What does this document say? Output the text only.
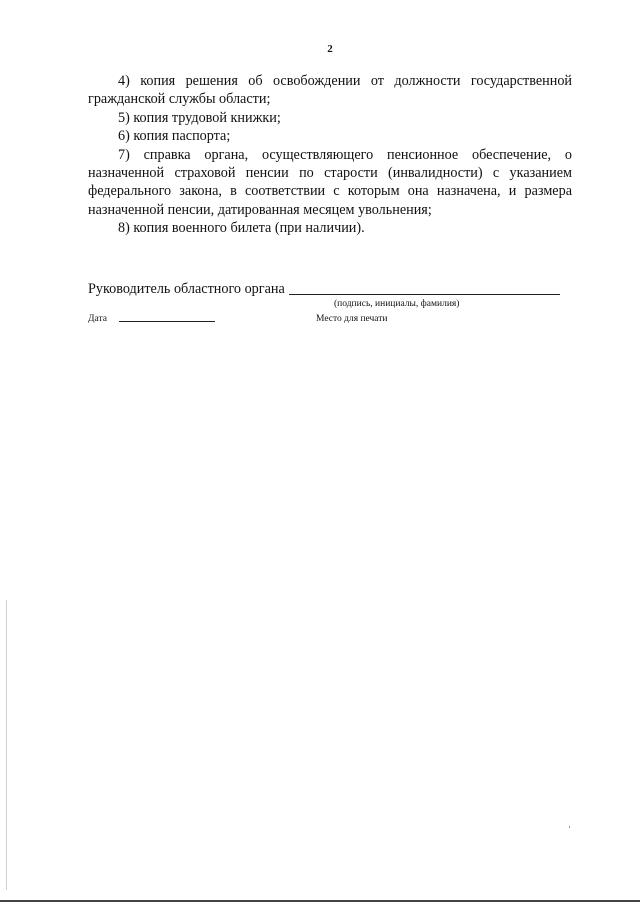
2

4) копия решения об освобождении от должности государственной гражданской службы области;

5) копия трудовой книжки;

6) копия паспорта;

7) справка органа, осуществляющего пенсионное обеспечение, о назначенной страховой пенсии по старости (инвалидности) с указанием федерального закона, в соответствии с которым она назначена, и размера назначенной пенсии, датированная месяцем увольнения;

8) копия военного билета (при наличии).

Руководитель областного органа
(подпись, инициалы, фамилия)
Дата	Место для печати
